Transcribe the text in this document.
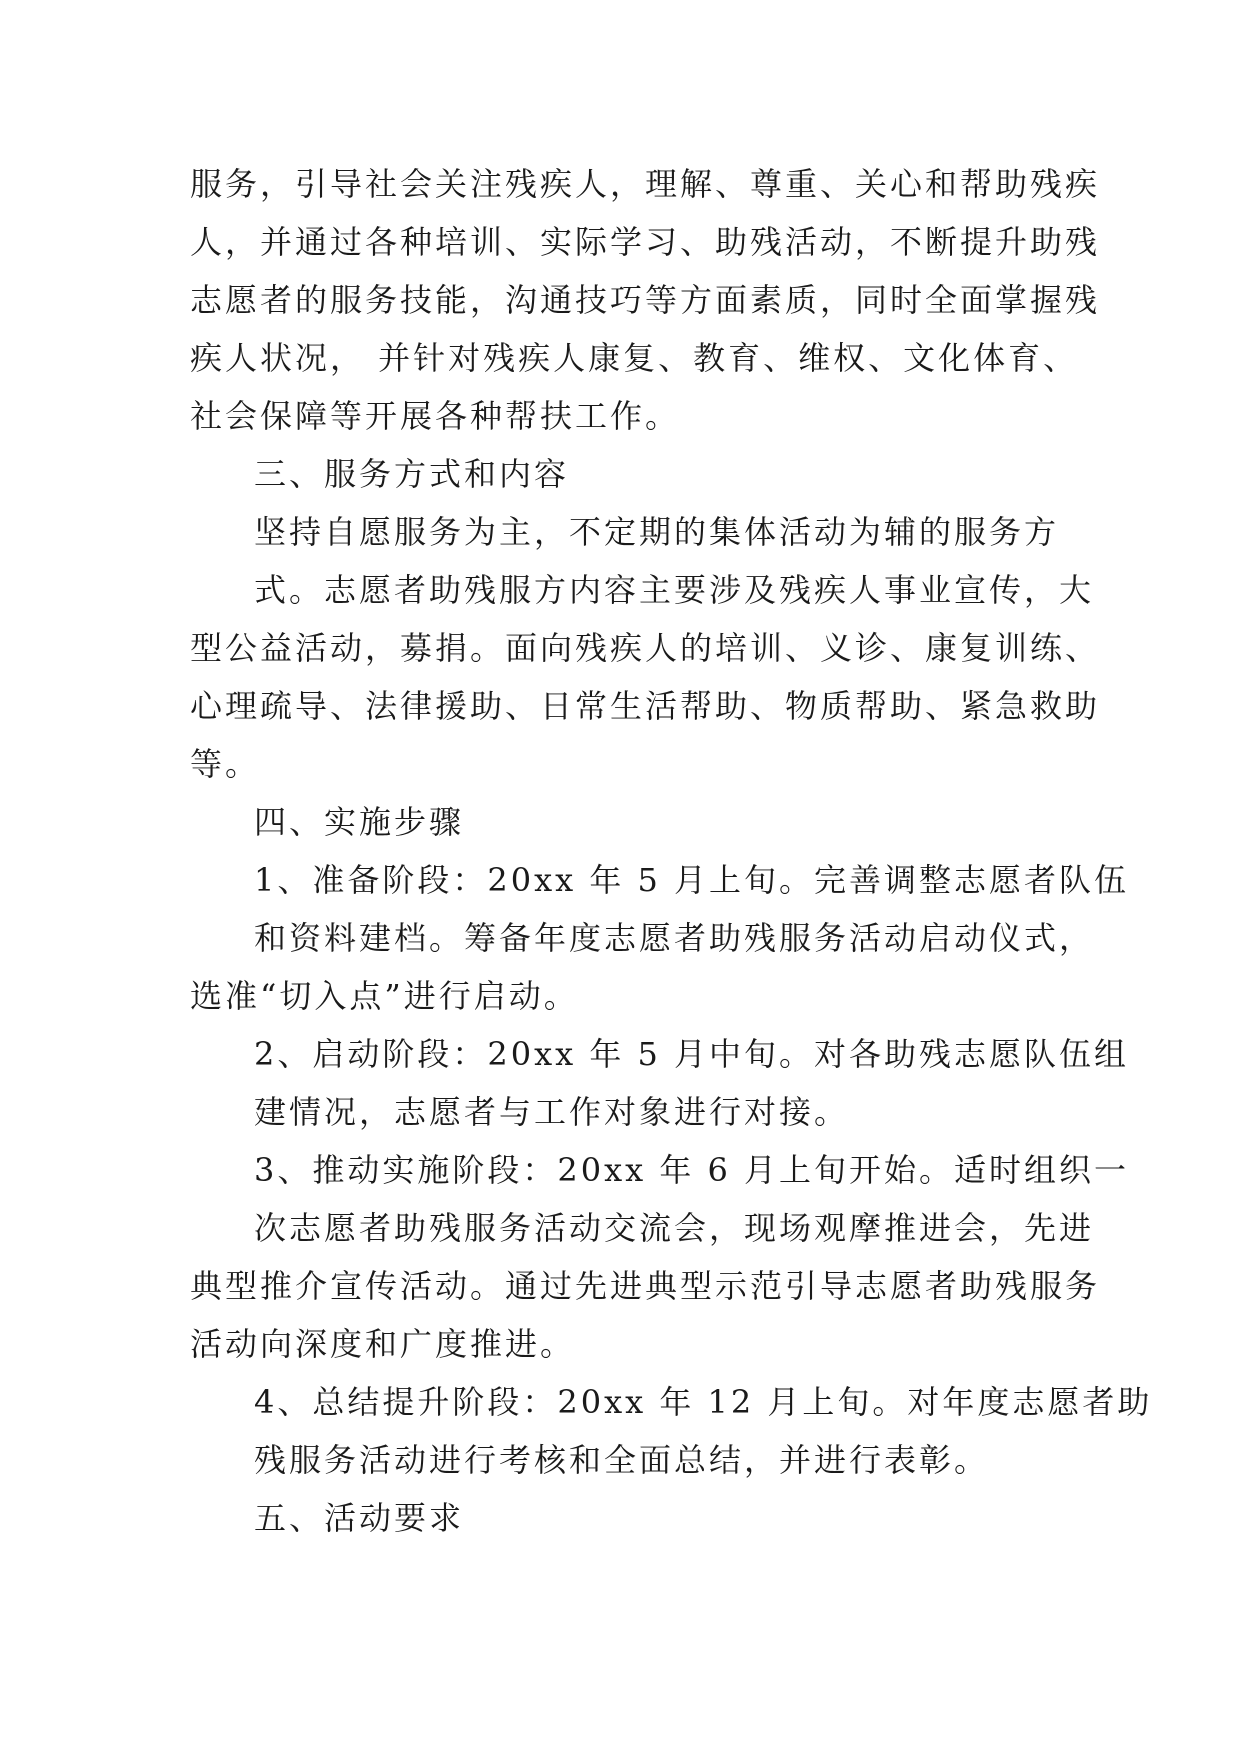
服务，引导社会关注残疾人，理解、尊重、关心和帮助残疾
人，并通过各种培训、实际学习、助残活动，不断提升助残
志愿者的服务技能，沟通技巧等方面素质，同时全面掌握残
疾人状况， 并针对残疾人康复、教育、维权、文化体育、
社会保障等开展各种帮扶工作。
三、服务方式和内容
坚持自愿服务为主，不定期的集体活动为辅的服务方
式。志愿者助残服方内容主要涉及残疾人事业宣传，大
型公益活动，募捐。面向残疾人的培训、义诊、康复训练、
心理疏导、法律援助、日常生活帮助、物质帮助、紧急救助
等。
四、实施步骤
1、准备阶段：20xx 年 5 月上旬。完善调整志愿者队伍
和资料建档。筹备年度志愿者助残服务活动启动仪式，
选准“切入点”进行启动。
2、启动阶段：20xx 年 5 月中旬。对各助残志愿队伍组
建情况，志愿者与工作对象进行对接。
3、推动实施阶段：20xx 年 6 月上旬开始。适时组织一
次志愿者助残服务活动交流会，现场观摩推进会，先进
典型推介宣传活动。通过先进典型示范引导志愿者助残服务
活动向深度和广度推进。
4、总结提升阶段：20xx 年 12 月上旬。对年度志愿者助
残服务活动进行考核和全面总结，并进行表彰。
五、活动要求
